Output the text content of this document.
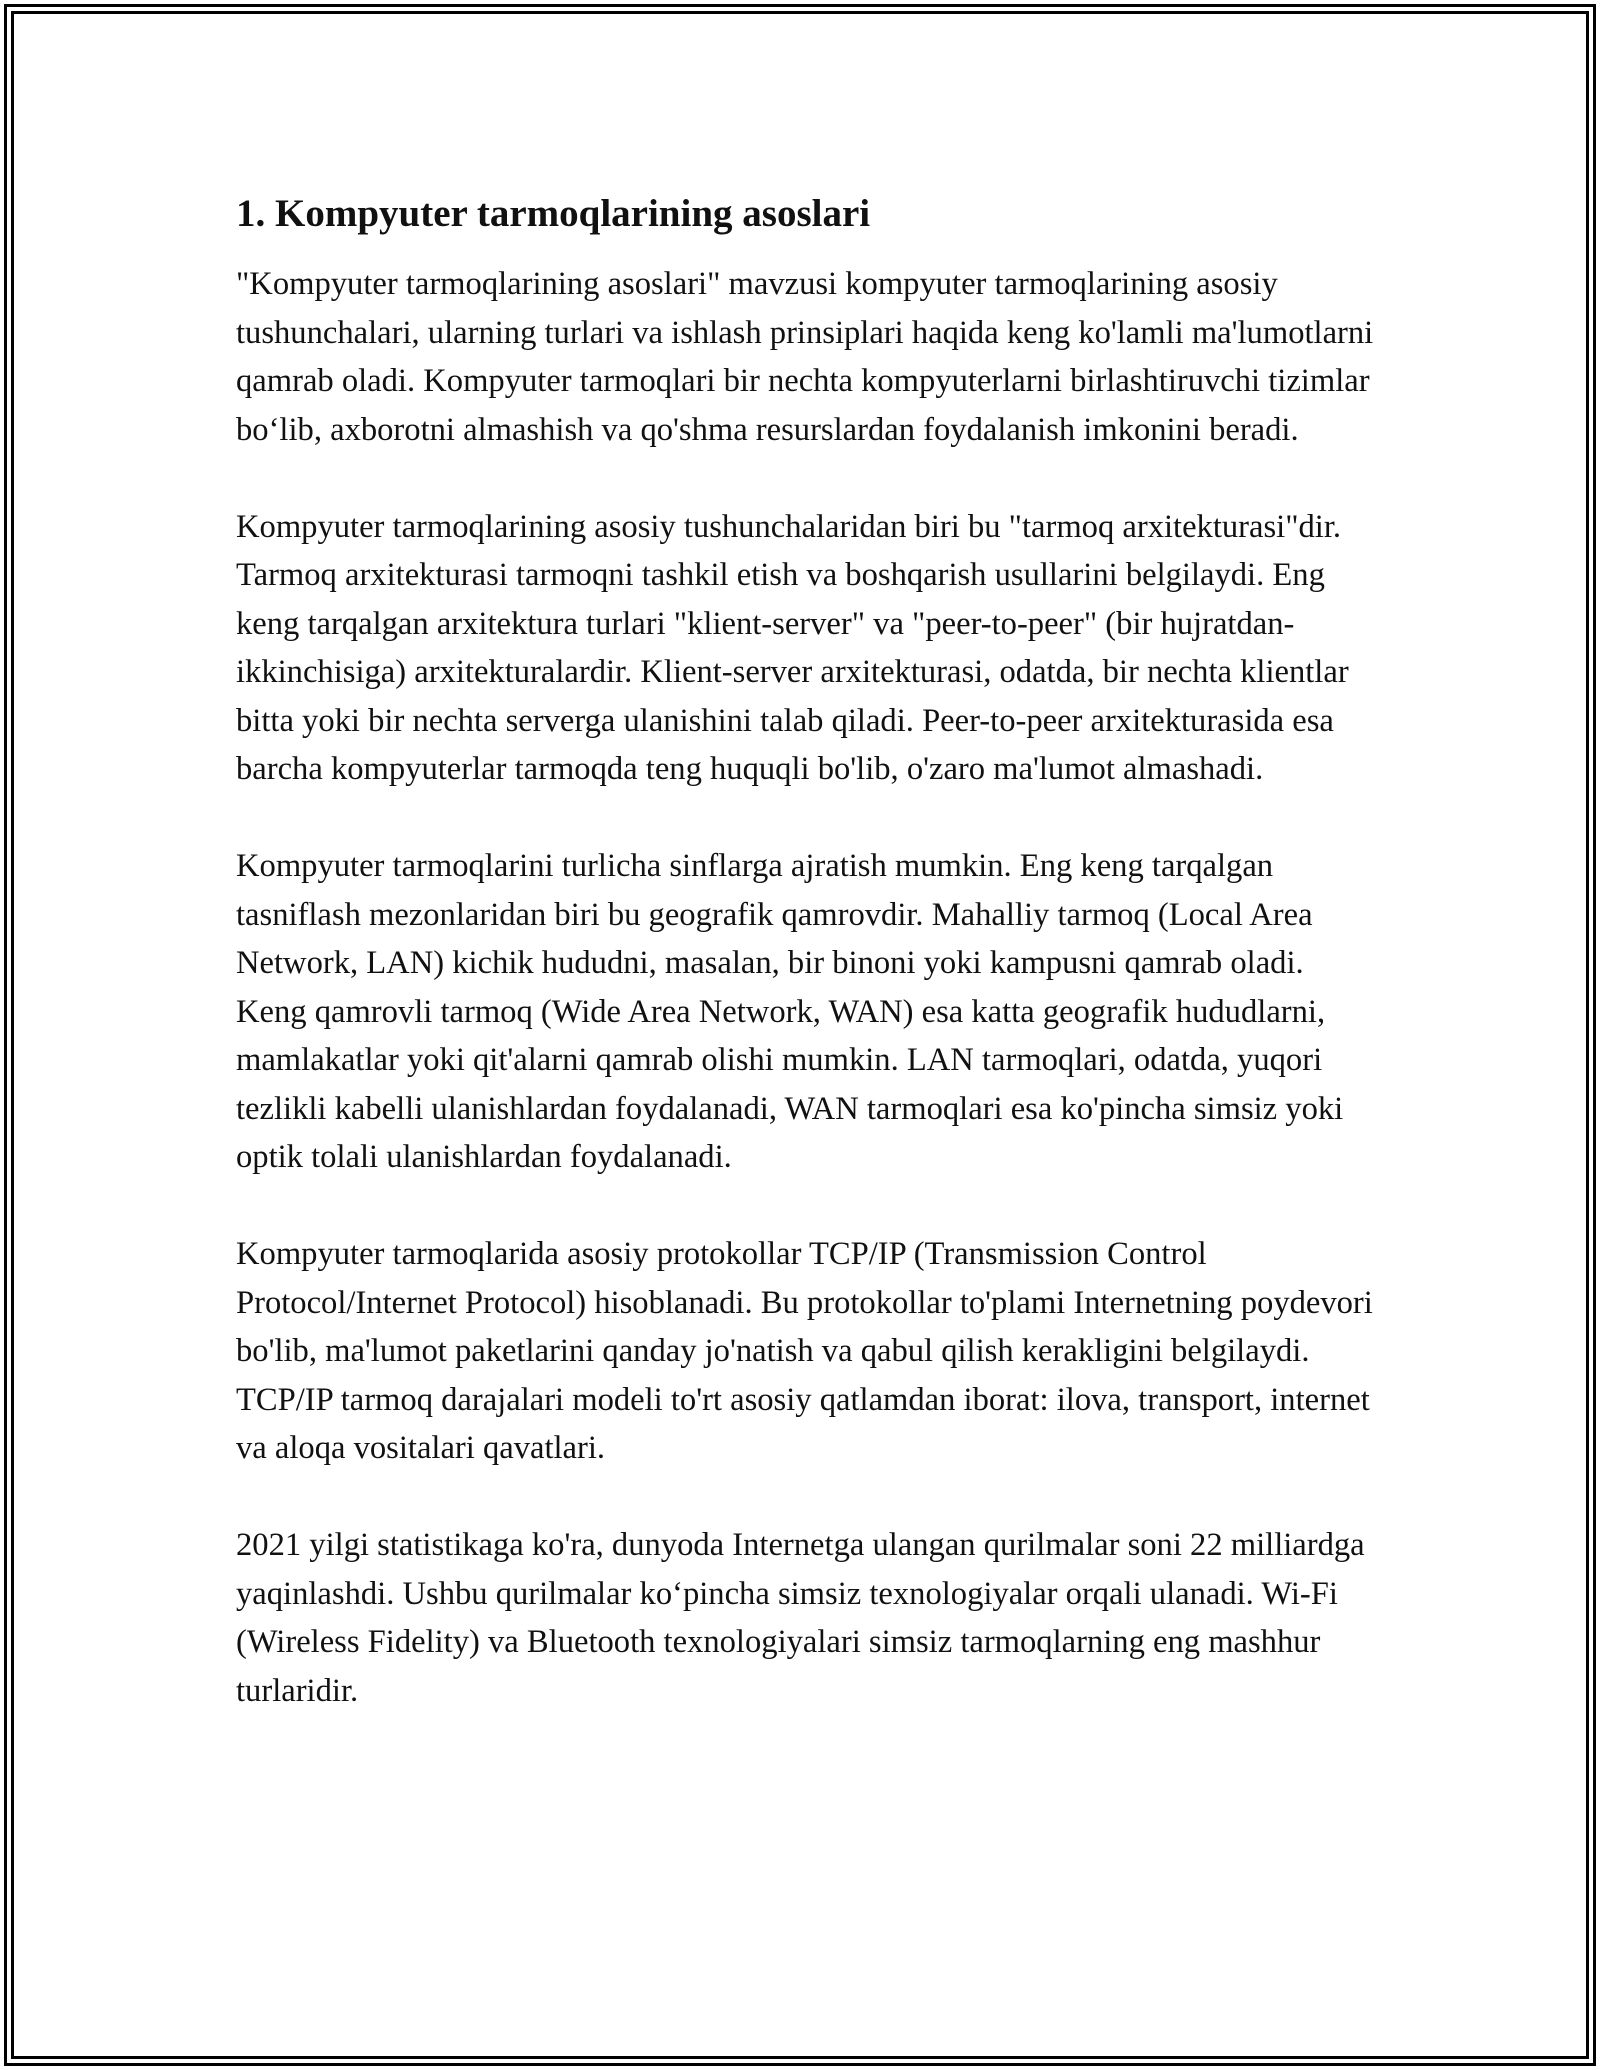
1. Kompyuter tarmoqlarining asoslari

"Kompyuter tarmoqlarining asoslari" mavzusi kompyuter tarmoqlarining asosiy tushunchalari, ularning turlari va ishlash prinsiplari haqida keng ko'lamli ma'lumotlarni qamrab oladi. Kompyuter tarmoqlari bir nechta kompyuterlarni birlashtiruvchi tizimlar bo‘lib, axborotni almashish va qo'shma resurslardan foydalanish imkonini beradi.

Kompyuter tarmoqlarining asosiy tushunchalaridan biri bu "tarmoq arxitekturasi"dir. Tarmoq arxitekturasi tarmoqni tashkil etish va boshqarish usullarini belgilaydi. Eng keng tarqalgan arxitektura turlari "klient-server" va "peer-to-peer" (bir hujratdan-ikkinchisiga) arxitekturalardir. Klient-server arxitekturasi, odatda, bir nechta klientlar bitta yoki bir nechta serverga ulanishini talab qiladi. Peer-to-peer arxitekturasida esa barcha kompyuterlar tarmoqda teng huquqli bo'lib, o'zaro ma'lumot almashadi.

Kompyuter tarmoqlarini turlicha sinflarga ajratish mumkin. Eng keng tarqalgan tasniflash mezonlaridan biri bu geografik qamrovdir. Mahalliy tarmoq (Local Area Network, LAN) kichik hududni, masalan, bir binoni yoki kampusni qamrab oladi. Keng qamrovli tarmoq (Wide Area Network, WAN) esa katta geografik hududlarni, mamlakatlar yoki qit'alarni qamrab olishi mumkin. LAN tarmoqlari, odatda, yuqori tezlikli kabelli ulanishlardan foydalanadi, WAN tarmoqlari esa ko'pincha simsiz yoki optik tolali ulanishlardan foydalanadi.

Kompyuter tarmoqlarida asosiy protokollar TCP/IP (Transmission Control Protocol/Internet Protocol) hisoblanadi. Bu protokollar to'plami Internetning poydevori bo'lib, ma'lumot paketlarini qanday jo'natish va qabul qilish kerakligini belgilaydi. TCP/IP tarmoq darajalari modeli to'rt asosiy qatlamdan iborat: ilova, transport, internet va aloqa vositalari qavatlari.

2021 yilgi statistikaga ko'ra, dunyoda Internetga ulangan qurilmalar soni 22 milliardga yaqinlashdi. Ushbu qurilmalar ko‘pincha simsiz texnologiyalar orqali ulanadi. Wi-Fi (Wireless Fidelity) va Bluetooth texnologiyalari simsiz tarmoqlarning eng mashhur turlaridir.
